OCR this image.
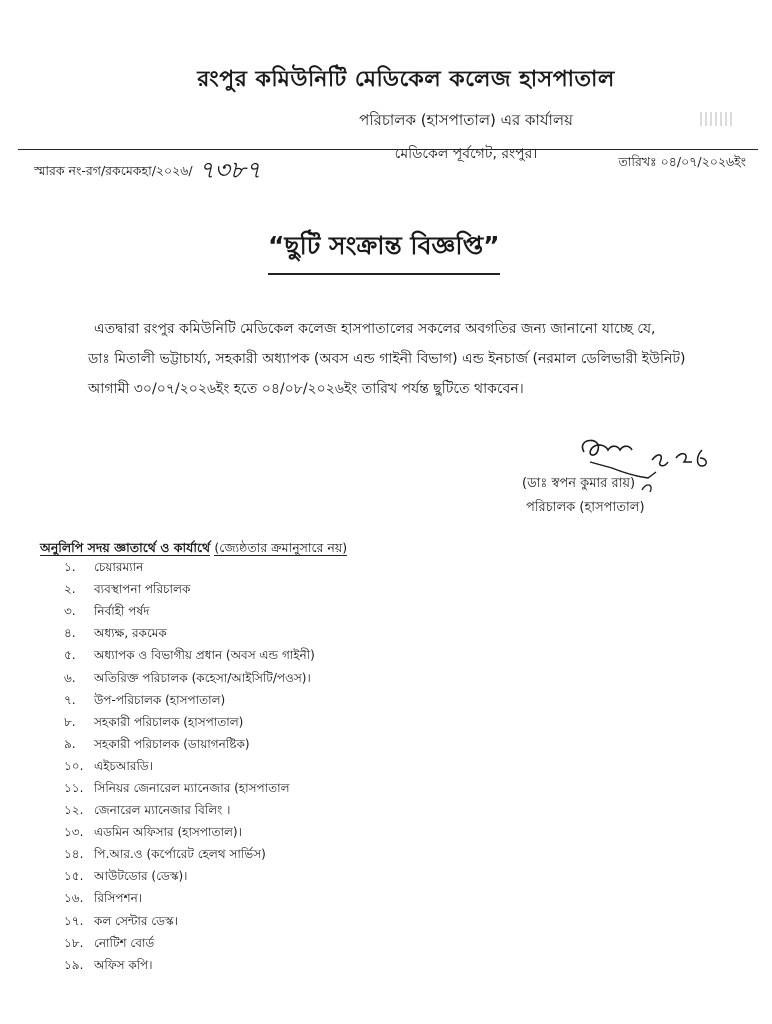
রংপুর কমিউনিটি মেডিকেল কলেজ হাসপাতাল
পরিচালক (হাসপাতাল) এর কার্যালয়
মেডিকেল পূর্বগেট, রংপুর।
স্মারক নং-রগ/রকমেকহা/২০২৬/ ৭৩৮৭	তারিখঃ ০৪/০৭/২০২৬ইং
“ছুটি সংক্রান্ত বিজ্ঞপ্তি”
এতদ্বারা রংপুর কমিউনিটি মেডিকেল কলেজ হাসপাতালের সকলের অবগতির জন্য জানানো যাচ্ছে যে,
ডাঃ মিতালী ভট্টাচার্য্য, সহকারী অধ্যাপক (অবস এন্ড গাইনী বিভাগ) এন্ড ইনচার্জ (নরমাল ডেলিভারী ইউনিট)
আগামী ৩০/০৭/২০২৬ইং হতে ০৪/০৮/২০২৬ইং তারিখ পর্যন্ত ছুটিতে থাকবেন।
(ডাঃ স্বপন কুমার রায়)
পরিচালক (হাসপাতাল)
অনুলিপি সদয় জ্ঞাতার্থে ও কার্যার্থে (জ্যেষ্ঠতার ক্রমানুসারে নয়)
১.	চেয়ারম্যান
২.	ব্যবস্থাপনা পরিচালক
৩.	নির্বাহী পর্ষদ
৪.	অধ্যক্ষ, রকমেক
৫.	অধ্যাপক ও বিভাগীয় প্রধান (অবস এন্ড গাইনী)
৬.	অতিরিক্ত পরিচালক (কহেসা/আইসিটি/পওস)।
৭.	উপ-পরিচালক (হাসপাতাল)
৮.	সহকারী পরিচালক (হাসপাতাল)
৯.	সহকারী পরিচালক (ডায়াগনষ্টিক)
১০. এইচআরডি।
১১. সিনিয়র জেনারেল ম্যানেজার (হাসপাতাল
১২. জেনারেল ম্যানেজার বিলিং ।
১৩. এডমিন অফিসার (হাসপাতাল)।
১৪. পি.আর.ও (কর্পোরেট হেলথ সার্ভিস)
১৫. আউটডোর (ডেস্ক)।
১৬. রিসিপশন।
১৭. কল সেন্টার ডেস্ক।
১৮. নোটিশ বোর্ড
১৯. অফিস কপি।
